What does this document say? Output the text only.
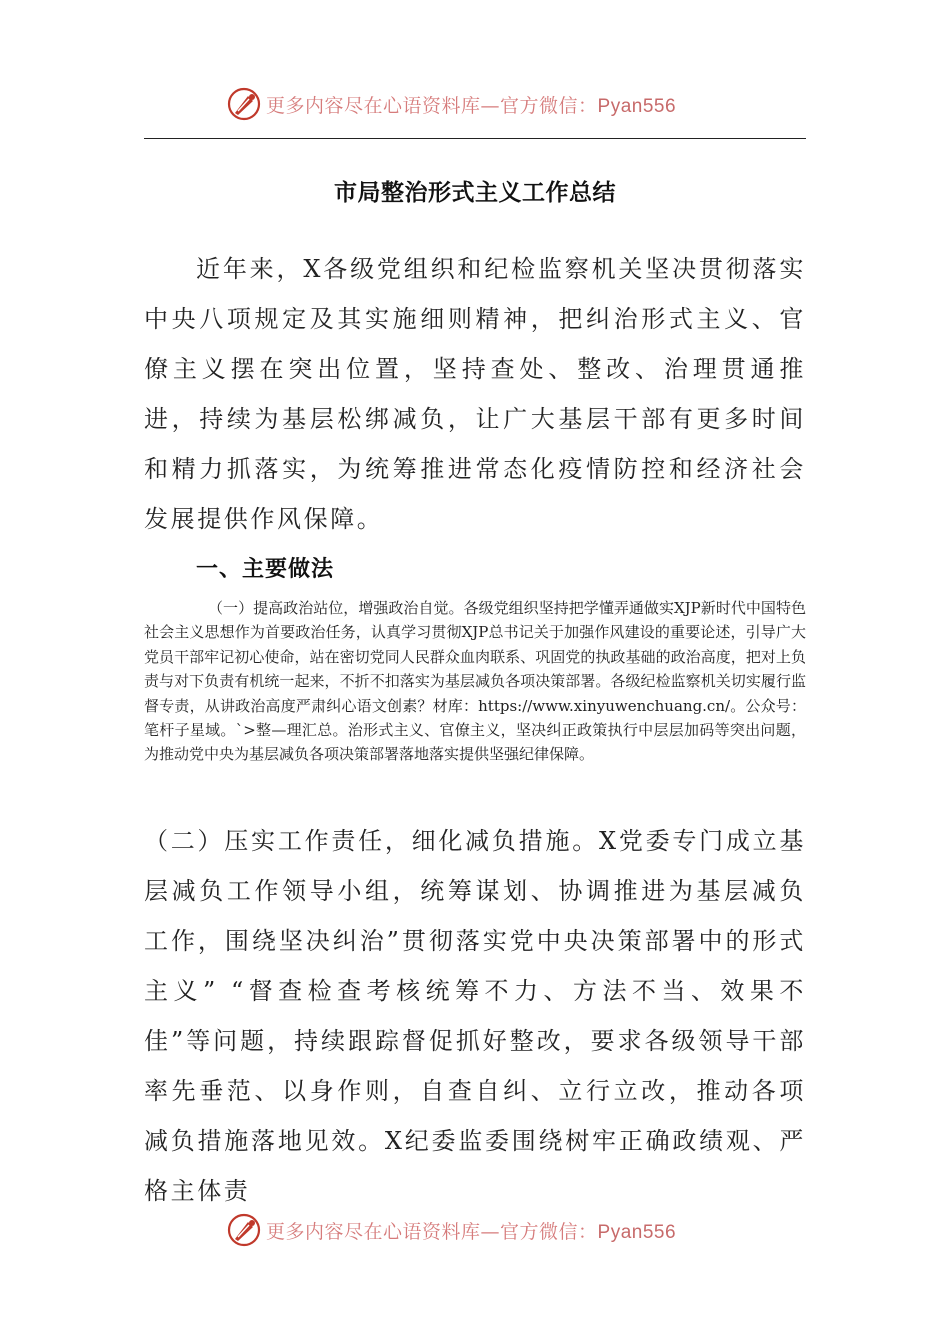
更多内容尽在心语资料库—官方微信：Pyan556
市局整治形式主义工作总结
近年来，X各级党组织和纪检监察机关坚决贯彻落实中央八项规定及其实施细则精神，把纠治形式主义、官僚主义摆在突出位置，坚持查处、整改、治理贯通推进，持续为基层松绑减负，让广大基层干部有更多时间和精力抓落实，为统筹推进常态化疫情防控和经济社会发展提供作风保障。
一、主要做法
（一）提高政治站位，增强政治自觉。各级党组织坚持把学懂弄通做实XJP新时代中国特色社会主义思想作为首要政治任务，认真学习贯彻XJP总书记关于加强作风建设的重要论述，引导广大党员干部牢记初心使命，站在密切党同人民群众血肉联系、巩固党的执政基础的政治高度，把对上负责与对下负责有机统一起来，不折不扣落实为基层减负各项决策部署。各级纪检监察机关切实履行监督专责，从讲政治高度严肃纠心语文创素？材库：https://www.xinyuwenchuang.cn/。公众号：笔杆子星域。`>整—理汇总。治形式主义、官僚主义，坚决纠正政策执行中层层加码等突出问题，为推动党中央为基层减负各项决策部署落地落实提供坚强纪律保障。
（二）压实工作责任，细化减负措施。X党委专门成立基层减负工作领导小组，统筹谋划、协调推进为基层减负工作，围绕坚决纠治”贯彻落实党中央决策部署中的形式主义” “督查检查考核统筹不力、方法不当、效果不佳”等问题，持续跟踪督促抓好整改，要求各级领导干部率先垂范、以身作则，自查自纠、立行立改，推动各项减负措施落地见效。X纪委监委围绕树牢正确政绩观、严格主体责
更多内容尽在心语资料库—官方微信：Pyan556
